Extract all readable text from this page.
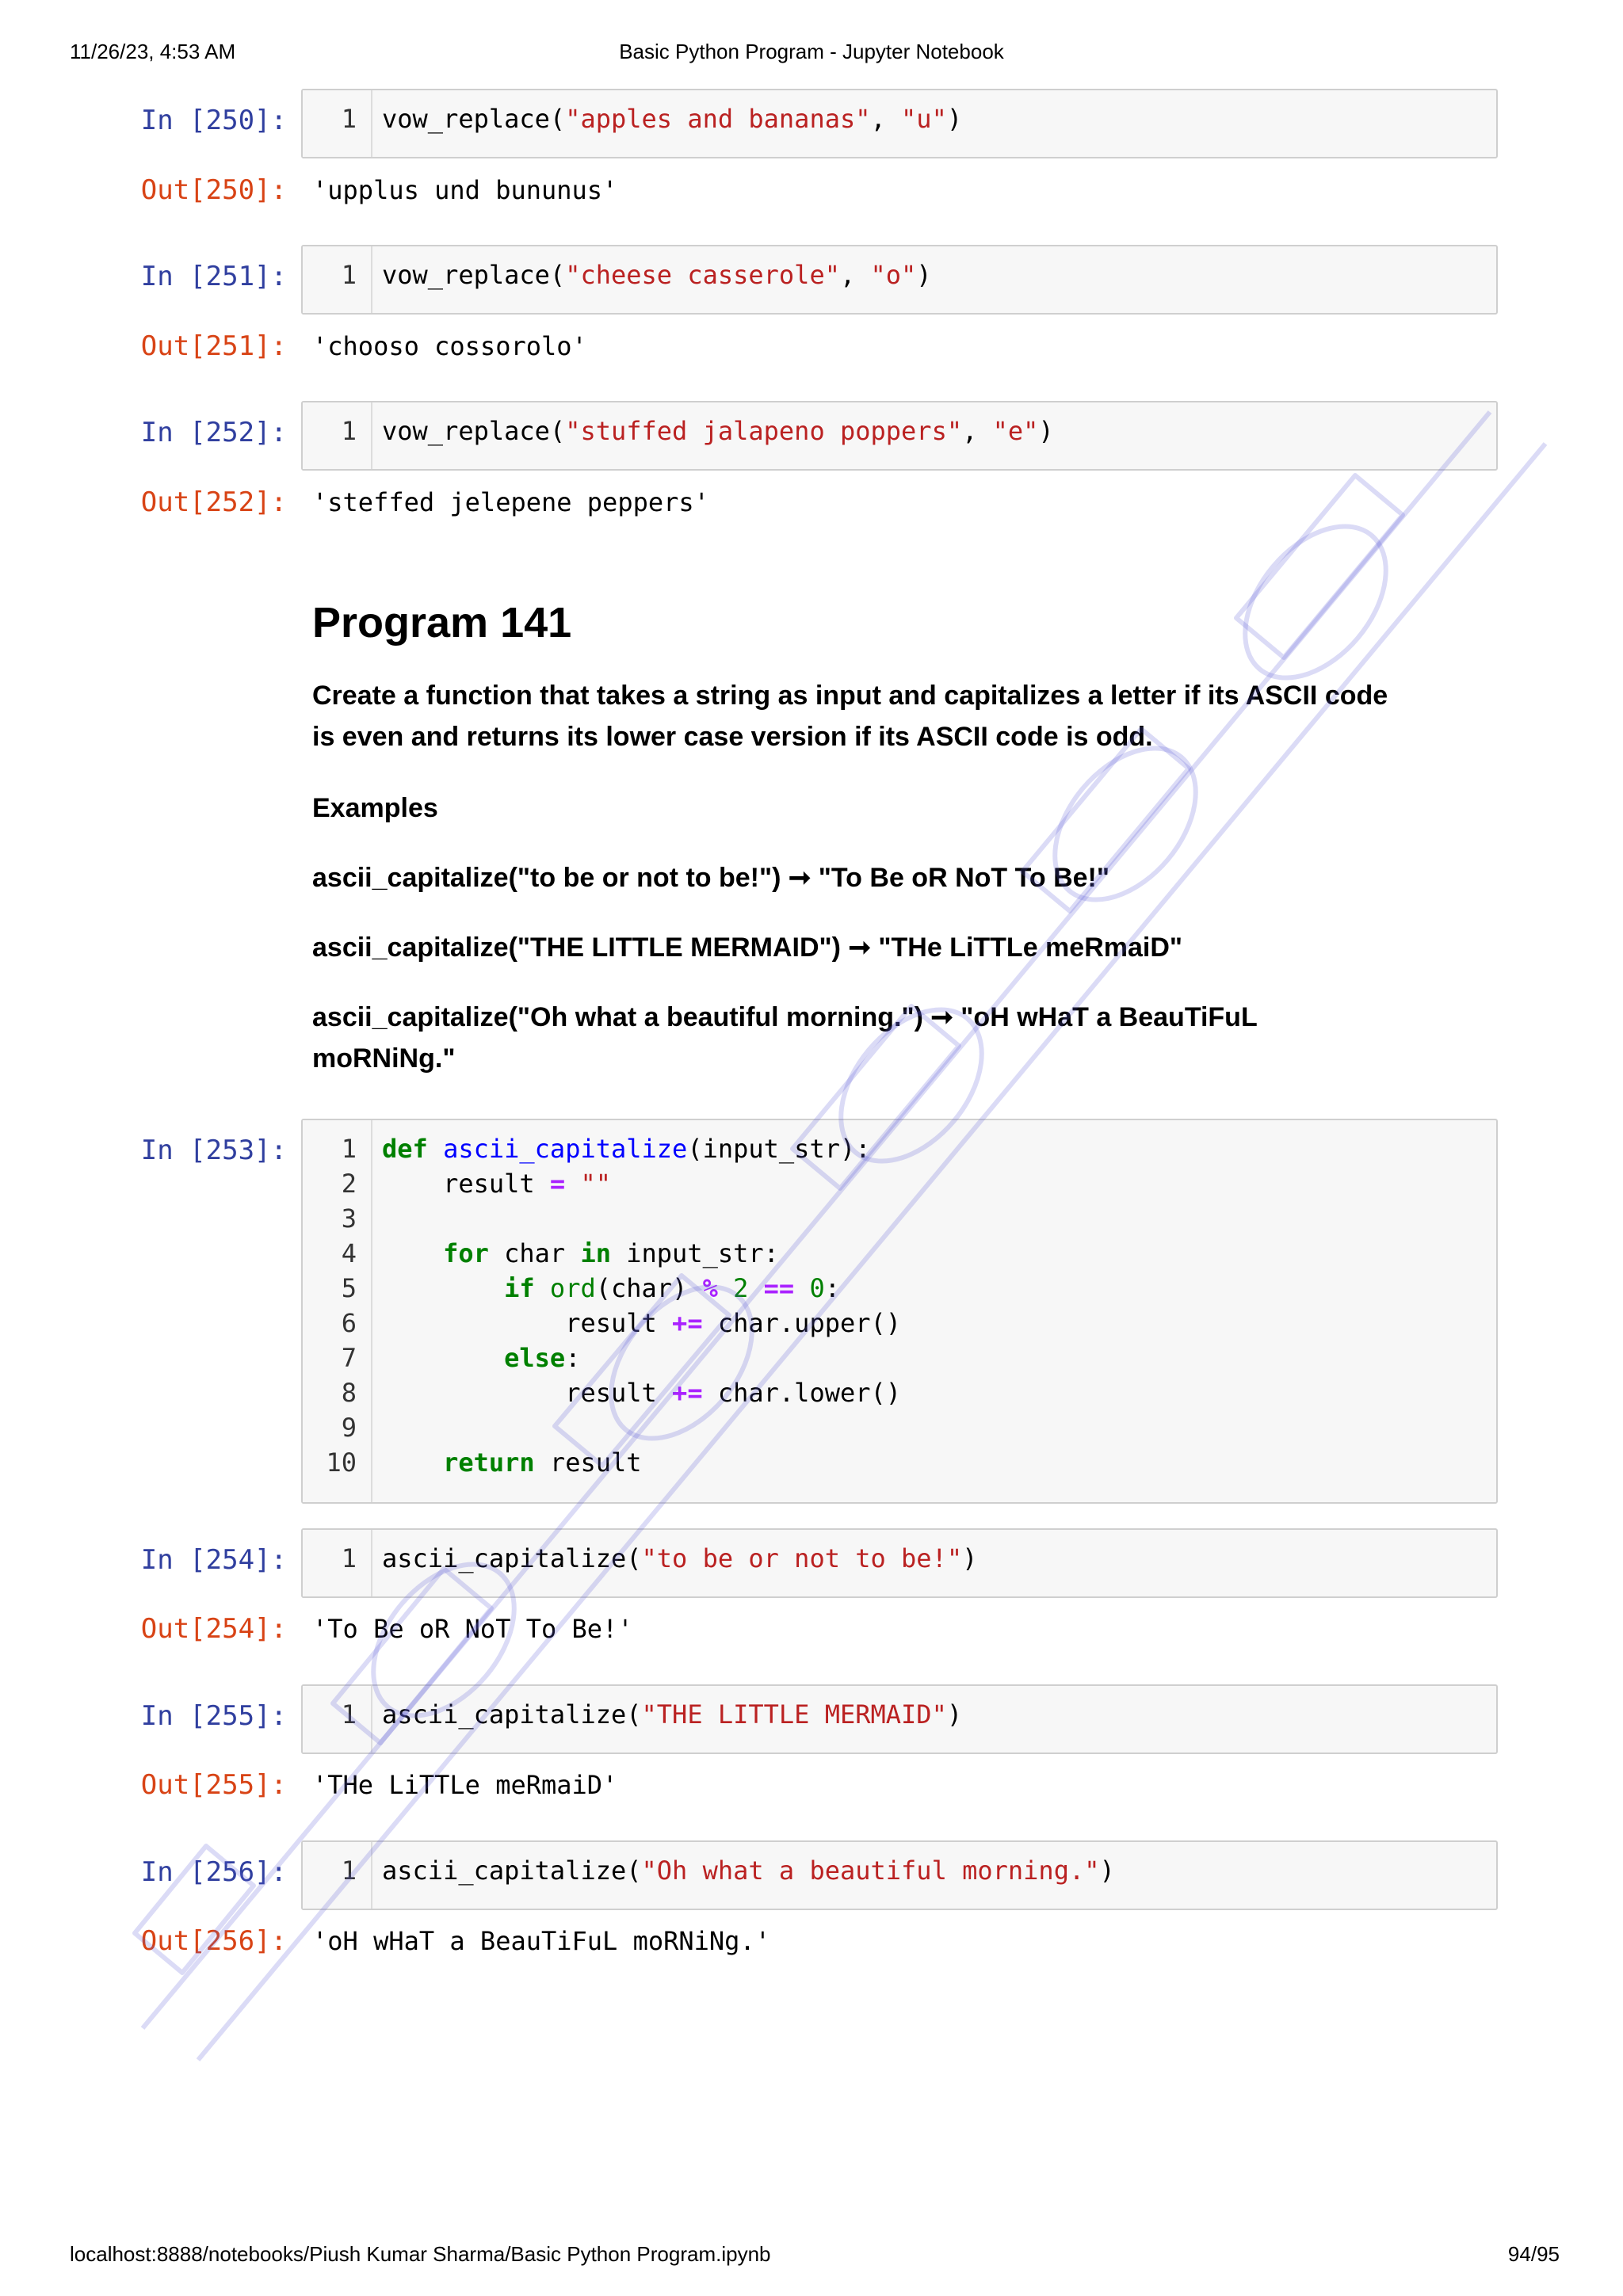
11/26/23, 4:53 AM	Basic Python Program - Jupyter Notebook
In [250]:	1 vow_replace("apples and bananas", "u")
Out[250]: 'upplus und bununus'
In [251]:	1 vow_replace("cheese casserole", "o")
Out[251]: 'chooso cossorolo'
In [252]:	1 vow_replace("stuffed jalapeno poppers", "e")
Out[252]: 'steffed jelepene peppers'
Program 141
Create a function that takes a string as input and capitalizes a letter if its ASCII code
is even and returns its lower case version if its ASCII code is odd.
Examples
ascii_capitalize("to be or not to be!") ➞ "To Be oR NoT To Be!"
ascii_capitalize("THE LITTLE MERMAID") ➞ "THe LiTTLe meRmaiD"
ascii_capitalize("Oh what a beautiful morning.") ➞ "oH wHaT a BeauTiFuL
moRNiNg."
In [253]:	1
2
3
4
5
6
7
8
9
10
def ascii_capitalize(input_str):
result = ""
for char in input_str:
if ord(char) % 2 == 0:
result += char.upper()
else:
result += char.lower()
return result
In [254]:	1 ascii_capitalize("to be or not to be!")
Out[254]: 'To Be oR NoT To Be!'
In [255]:	1 ascii_capitalize("THE LITTLE MERMAID")
Out[255]: 'THe LiTTLe meRmaiD'
In [256]:	1 ascii_capitalize("Oh what a beautiful morning.")
Out[256]: 'oH wHaT a BeauTiFuL moRNiNg.'
localhost:8888/notebooks/Piush Kumar Sharma/Basic Python Program.ipynb	94/95
